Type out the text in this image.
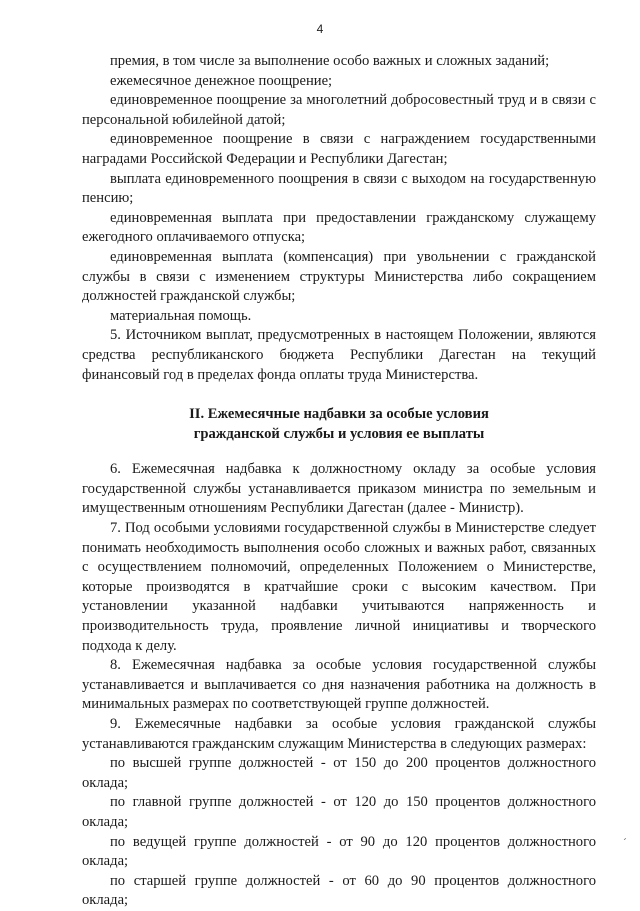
4
премия, в том числе за выполнение особо важных и сложных заданий;
ежемесячное денежное поощрение;
единовременное поощрение за многолетний добросовестный труд и в связи с персональной юбилейной датой;
единовременное поощрение в связи с награждением государственными наградами Российской Федерации и Республики Дагестан;
выплата единовременного поощрения в связи с выходом на государственную пенсию;
единовременная выплата при предоставлении гражданскому служащему ежегодного оплачиваемого отпуска;
единовременная выплата (компенсация) при увольнении с гражданской службы в связи с изменением структуры Министерства либо сокращением должностей гражданской службы;
материальная помощь.
5. Источником выплат, предусмотренных в настоящем Положении, являются средства республиканского бюджета Республики Дагестан на текущий финансовый год в пределах фонда оплаты труда Министерства.
II. Ежемесячные надбавки за особые условия
гражданской службы и условия ее выплаты
6. Ежемесячная надбавка к должностному окладу за особые условия государственной службы устанавливается приказом министра по земельным и имущественным отношениям Республики Дагестан (далее - Министр).
7. Под особыми условиями государственной службы в Министерстве следует понимать необходимость выполнения особо сложных и важных работ, связанных с осуществлением полномочий, определенных Положением о Министерстве, которые производятся в кратчайшие сроки с высоким качеством. При установлении указанной надбавки учитываются напряженность и производительность труда, проявление личной инициативы и творческого подхода к делу.
8. Ежемесячная надбавка за особые условия государственной службы устанавливается и выплачивается со дня назначения работника на должность в минимальных размерах по соответствующей группе должностей.
9. Ежемесячные надбавки за особые условия гражданской службы устанавливаются гражданским служащим Министерства в следующих размерах:
по высшей группе должностей - от 150 до 200 процентов должностного оклада;
по главной группе должностей - от 120 до 150 процентов должностного оклада;
по ведущей группе должностей - от 90 до 120 процентов должностного оклада;
по старшей группе должностей - от 60 до 90 процентов должностного оклада;
´
